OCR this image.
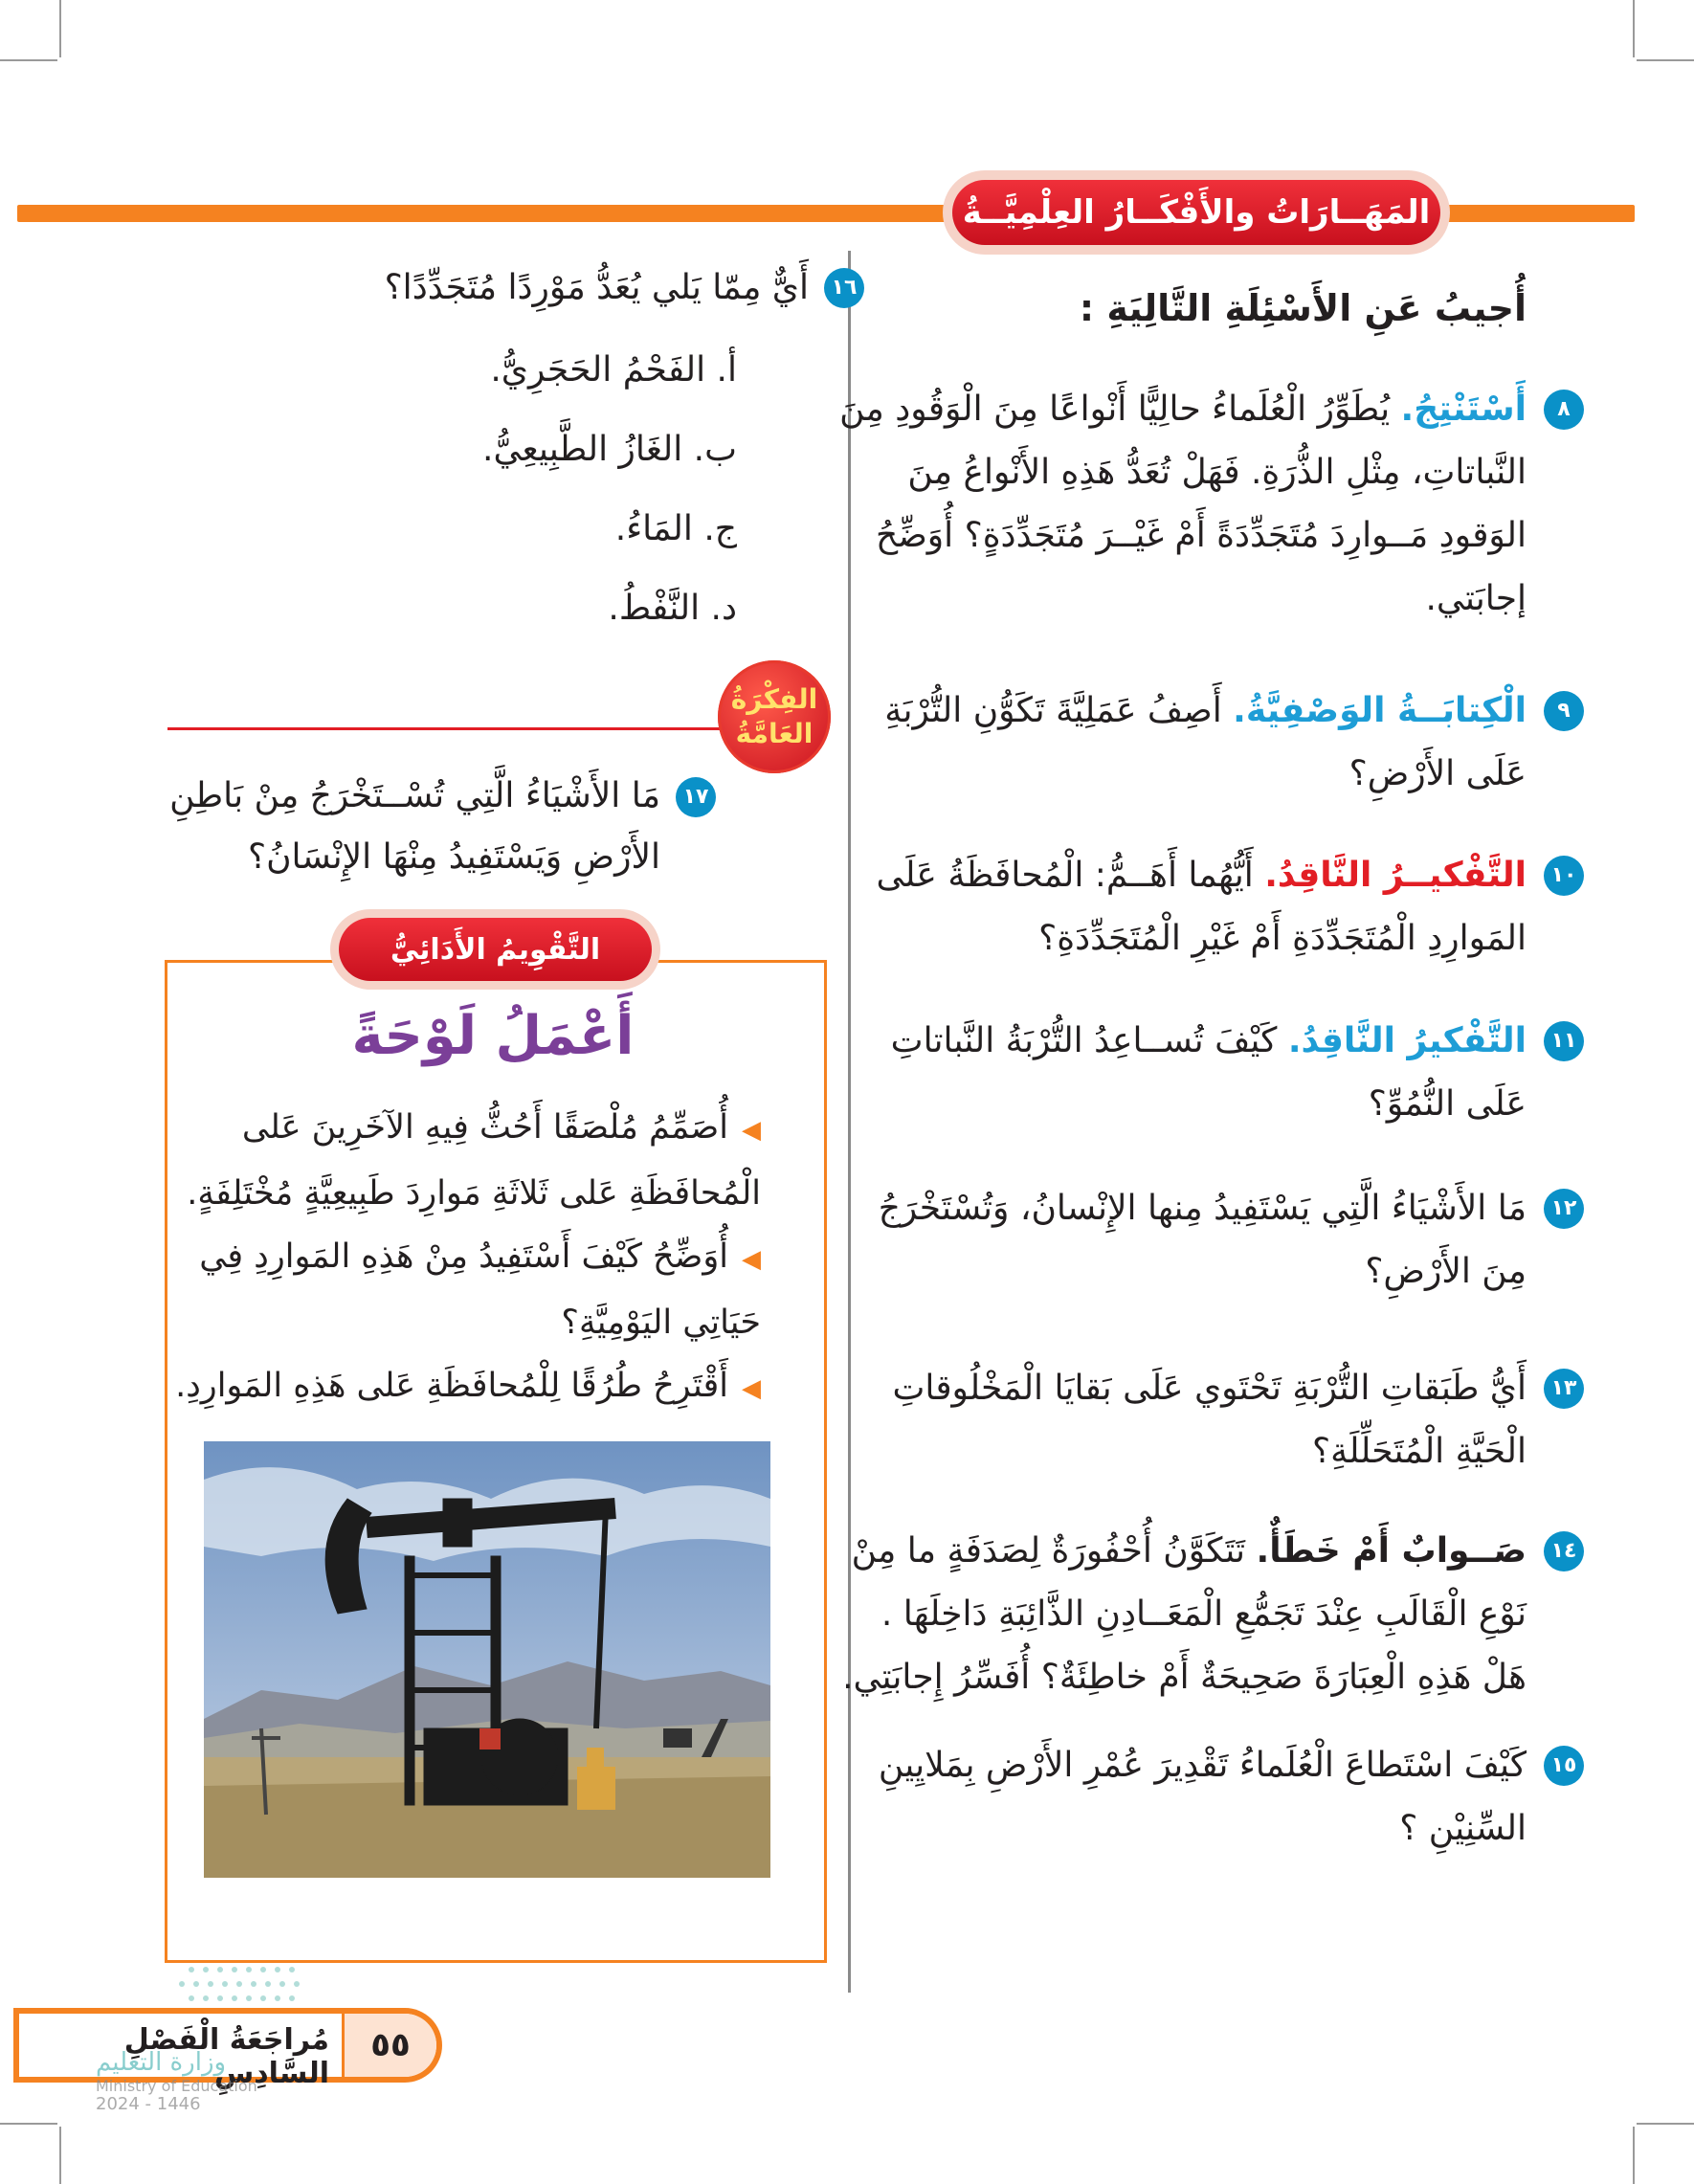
المَهَــارَاتُ والأَفْكَــارُ العِلْمِيَّــةُ
أُجيبُ عَنِ الأَسْئِلَةِ التَّالِيَةِ :
٨
أَسْتَنْتِجُ. يُطَوِّرُ الْعُلَماءُ حالِيًّا أَنْواعًا مِنَ الْوَقُودِ مِنَ النَّباتاتِ، مِثْلِ الذُّرَةِ. فَهَلْ تُعَدُّ هَذِهِ الأَنْواعُ مِنَ الوَقودِ مَــوارِدَ مُتَجَدِّدَةً أَمْ غَيْــرَ مُتَجَدِّدَةٍ؟ أُوَضِّحُ إجابَتي.
٩
الْكِتابَــةُ الوَصْفِيَّةُ. أَصِفُ عَمَلِيَّةَ تَكَوُّنِ التُّرْبَةِ عَلَى الأَرْضِ؟
١٠
التَّفْكيــرُ النَّاقِدُ. أَيُّهُما أَهَــمُّ: الْمُحافَظَةُ عَلَى المَوارِدِ الْمُتَجَدِّدَةِ أَمْ غَيْرِ الْمُتَجَدِّدَةِ؟
١١
التَّفْكيرُ النَّاقِدُ. كَيْفَ تُســاعِدُ التُّرْبَةُ النَّباتاتِ عَلَى النُّمُوِّ؟
١٢
مَا الأَشْيَاءُ الَّتِي يَسْتَفِيدُ مِنها الإِنْسانُ، وَتُسْتَخْرَجُ مِنَ الأَرْضِ؟
١٣
أَيُّ طَبَقاتِ التُّرْبَةِ تَحْتَوي عَلَى بَقايَا الْمَخْلُوقاتِ الْحَيَّةِ الْمُتَحَلِّلَةِ؟
١٤
صَــوابٌ أَمْ خَطَأٌ. تَتَكَوَّنُ أُحْفُورَةٌ لِصَدَفَةٍ ما مِنْ نَوْعِ الْقَالَبِ عِنْدَ تَجَمُّعِ الْمَعَــادِنِ الذَّائِبَةِ دَاخِلَهَا . هَلْ هَذِهِ الْعِبَارَةَ صَحِيحَةٌ أَمْ خاطِئَةٌ؟ أُفَسِّرُ إِجابَتِي.
١٥
كَيْفَ اسْتَطاعَ الْعُلَماءُ تَقْدِيرَ عُمْرِ الأَرْضِ بِمَلايِينِ السِّنِيْنِ ؟
١٦
أَيٌّ مِمّا يَلي يُعَدُّ مَوْرِدًا مُتَجَدِّدًا؟
أ. الفَحْمُ الحَجَرِيُّ.
ب. الغَازُ الطَّبِيعِيُّ.
ج. المَاءُ.
د. النَّفْطُ.
الفِكْرَةُ
العَامَّةُ
١٧
مَا الأَشْيَاءُ الَّتِي تُسْــتَخْرَجُ مِنْ بَاطِنِ الأَرْضِ وَيَسْتَفِيدُ مِنْهَا الإِنْسَانُ؟
التَّقْوِيمُ الأَدَائِيُّ
أَعْمَلُ لَوْحَةً
◀أُصَمِّمُ مُلْصَقًا أَحُثُّ فِيهِ الآخَرِينَ عَلى الْمُحافَظَةِ عَلى ثَلاثَةِ مَوارِدَ طَبِيعِيَّةٍ مُخْتَلِفَةٍ.
◀أُوَضِّحُ كَيْفَ أَسْتَفِيدُ مِنْ هَذِهِ المَوارِدِ فِي حَيَاتِي اليَوْمِيَّةِ؟
◀أَقْتَرِحُ طُرُقًا لِلْمُحافَظَةِ عَلى هَذِهِ المَوارِدِ.
٥٥
مُراجَعَةُ الْفَصْلِ السَّادِسِ
وزارة التعليم
Ministry of Education
2024 - 1446
